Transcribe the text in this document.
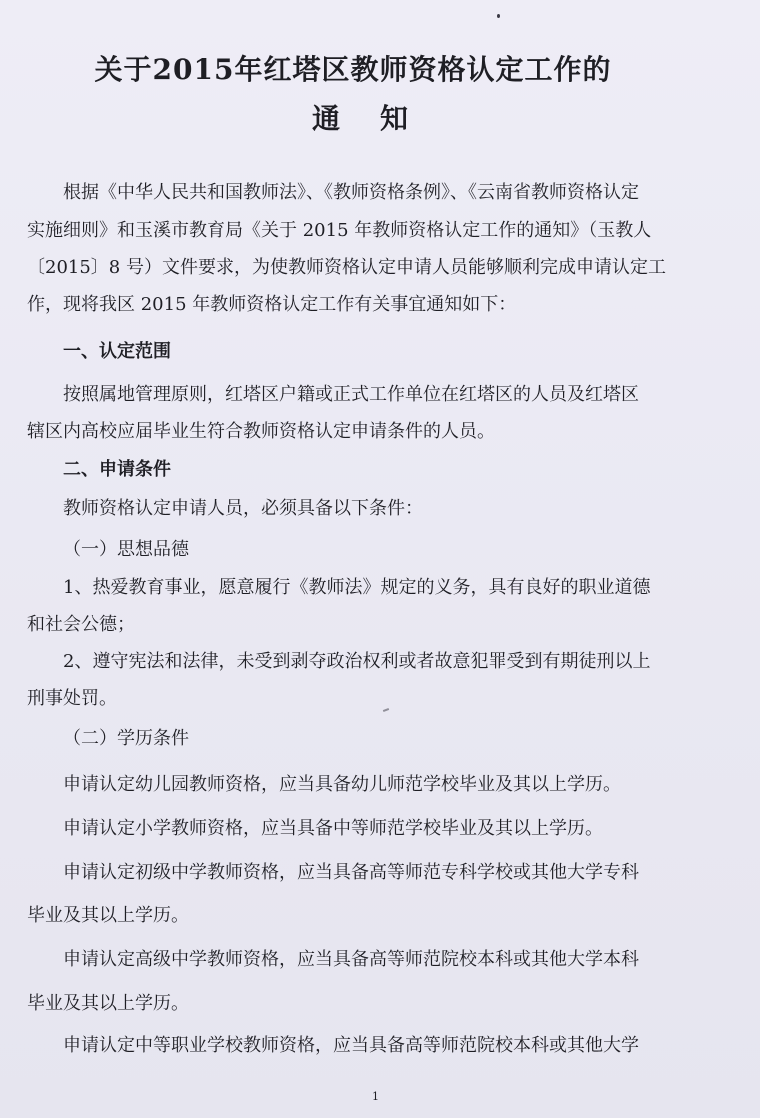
关于2015年红塔区教师资格认定工作的
通知
根据《中华人民共和国教师法》、《教师资格条例》、《云南省教师资格认定
实施细则》和玉溪市教育局《关于 2015 年教师资格认定工作的通知》（玉教人
〔2015〕8 号）文件要求，为使教师资格认定申请人员能够顺利完成申请认定工
作，现将我区 2015 年教师资格认定工作有关事宜通知如下：
一、认定范围
按照属地管理原则，红塔区户籍或正式工作单位在红塔区的人员及红塔区
辖区内高校应届毕业生符合教师资格认定申请条件的人员。
二、申请条件
教师资格认定申请人员，必须具备以下条件：
（一）思想品德
1、热爱教育事业，愿意履行《教师法》规定的义务，具有良好的职业道德
和社会公德；
2、遵守宪法和法律，未受到剥夺政治权利或者故意犯罪受到有期徒刑以上
刑事处罚。
（二）学历条件
申请认定幼儿园教师资格，应当具备幼儿师范学校毕业及其以上学历。
申请认定小学教师资格，应当具备中等师范学校毕业及其以上学历。
申请认定初级中学教师资格，应当具备高等师范专科学校或其他大学专科
毕业及其以上学历。
申请认定高级中学教师资格，应当具备高等师范院校本科或其他大学本科
毕业及其以上学历。
申请认定中等职业学校教师资格，应当具备高等师范院校本科或其他大学
1
